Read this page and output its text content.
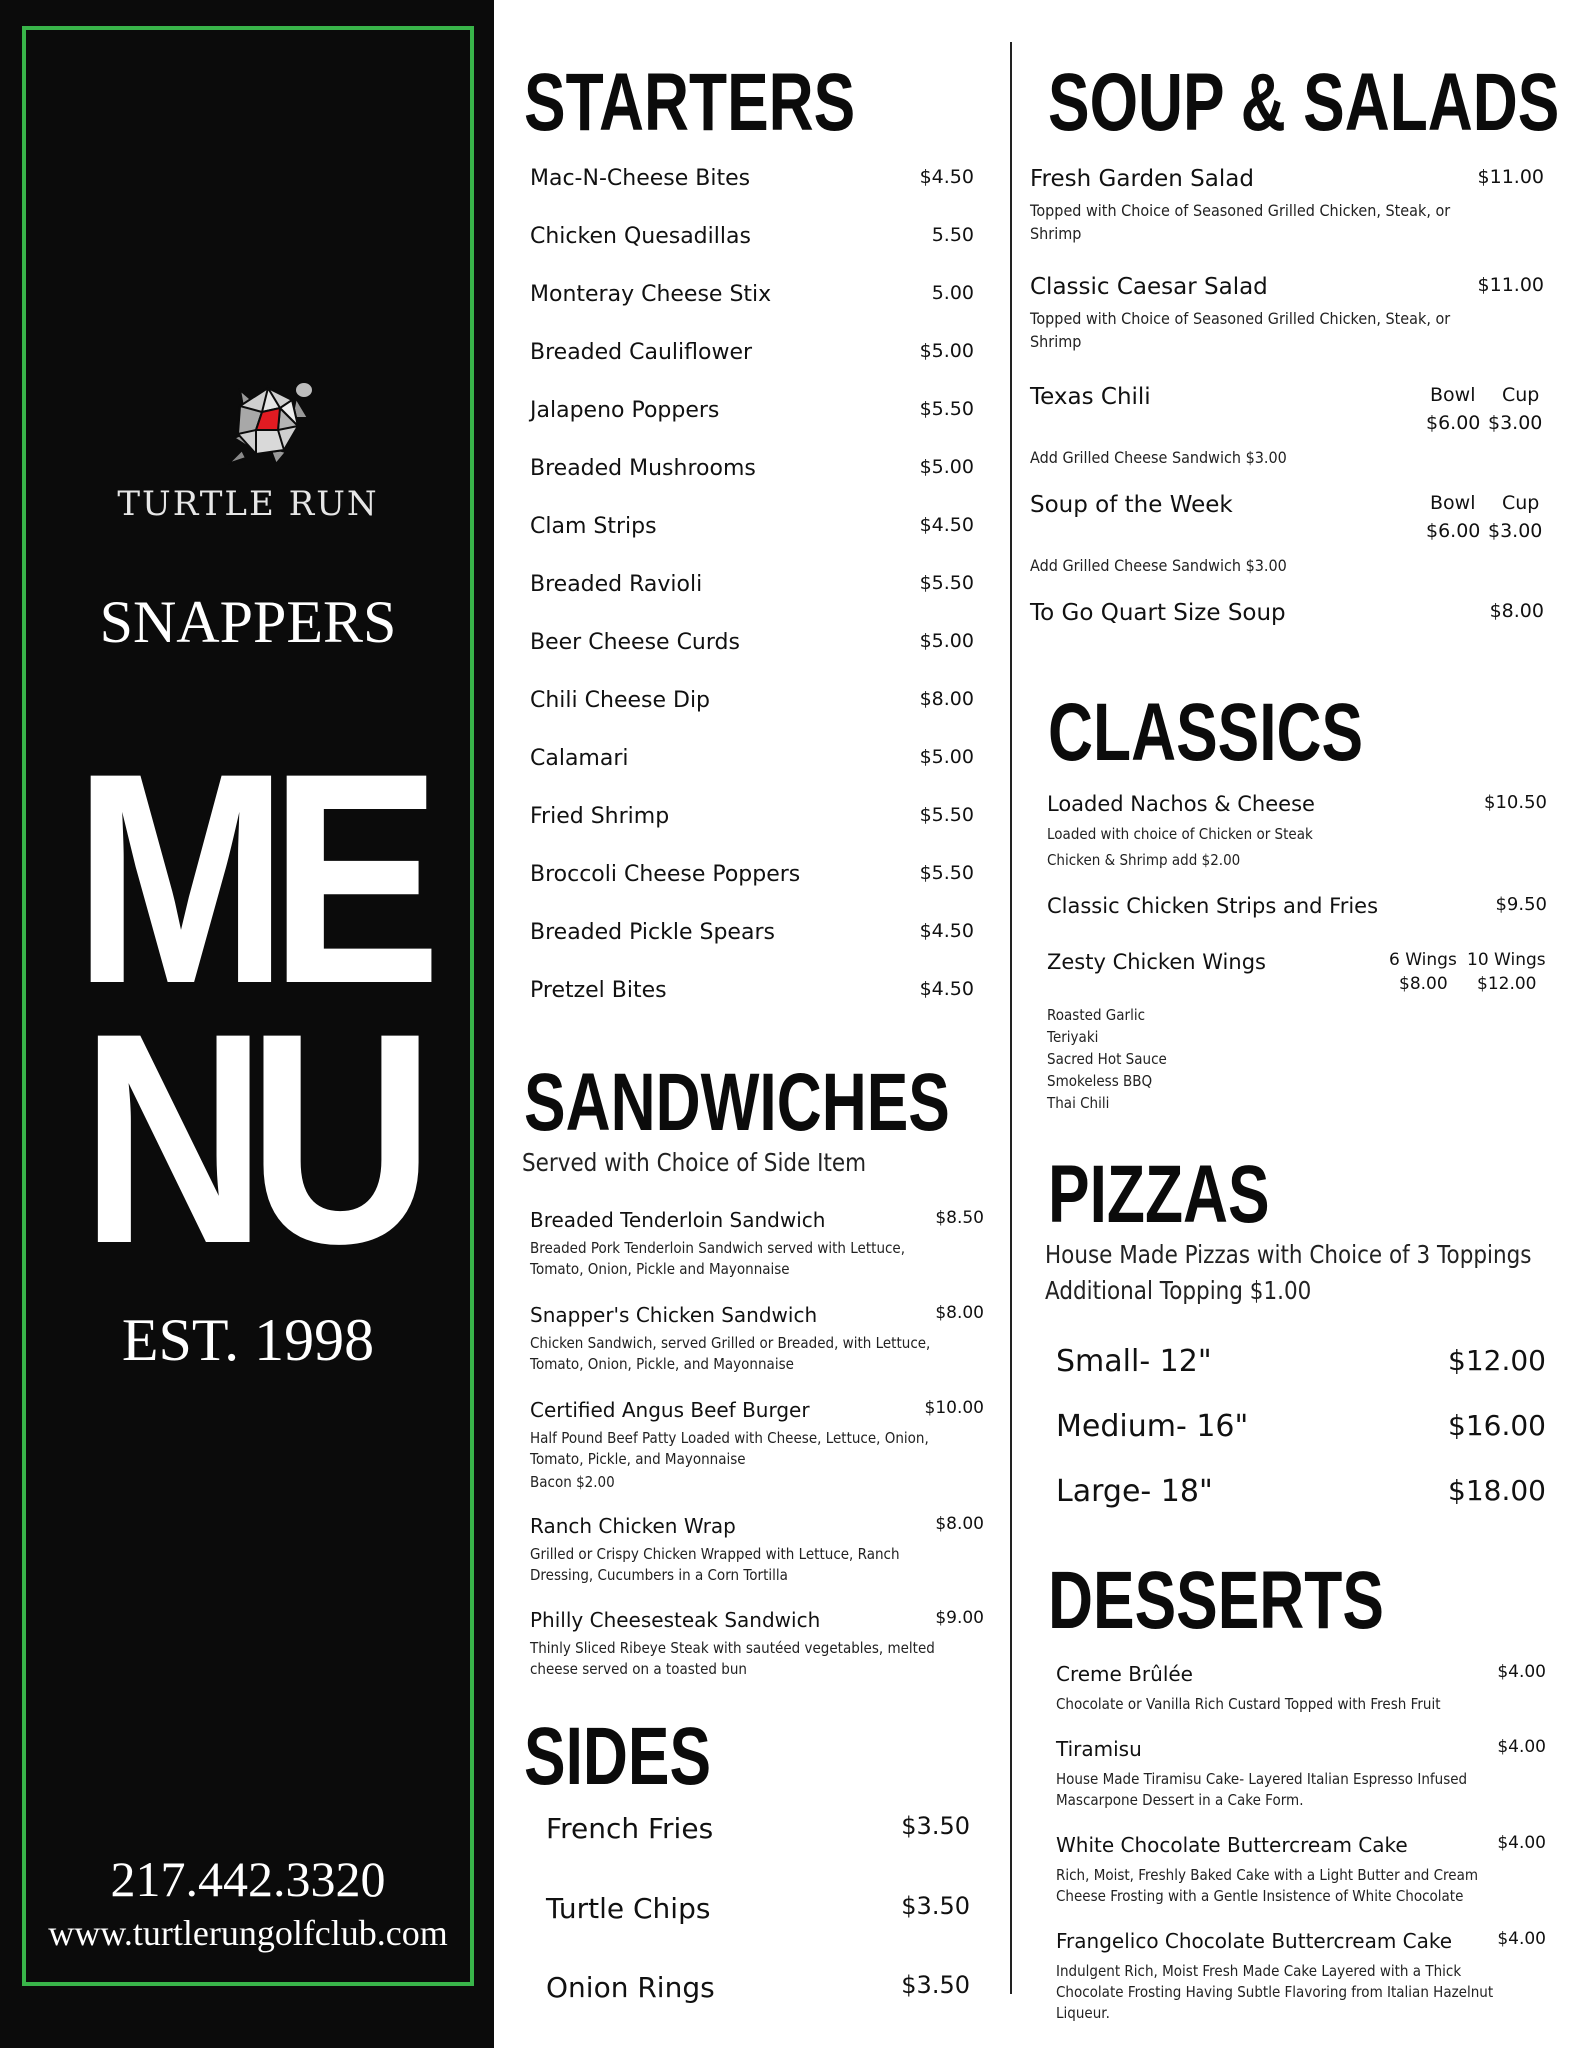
TURTLE RUN
SNAPPERS
ME
NU
EST. 1998
217.442.3320
www.turtlerungolfclub.com
STARTERS
Mac-N-Cheese Bites	$4.50
Chicken Quesadillas	5.50
Monteray Cheese Stix	5.00
Breaded Cauliflower	$5.00
Jalapeno Poppers	$5.50
Breaded Mushrooms	$5.00
Clam Strips	$4.50
Breaded Ravioli	$5.50
Beer Cheese Curds	$5.00
Chili Cheese Dip	$8.00
Calamari	$5.00
Fried Shrimp	$5.50
Broccoli Cheese Poppers	$5.50
Breaded Pickle Spears	$4.50
Pretzel Bites	$4.50
SANDWICHES
Served with Choice of Side Item
Breaded Tenderloin Sandwich	$8.50
Breaded Pork Tenderloin Sandwich served with Lettuce,
Tomato, Onion, Pickle and Mayonnaise
Snapper's Chicken Sandwich	$8.00
Chicken Sandwich, served Grilled or Breaded, with Lettuce,
Tomato, Onion, Pickle, and Mayonnaise
Certified Angus Beef Burger	$10.00
Half Pound Beef Patty Loaded with Cheese, Lettuce, Onion,
Tomato, Pickle, and Mayonnaise
Bacon $2.00
Ranch Chicken Wrap	$8.00
Grilled or Crispy Chicken Wrapped with Lettuce, Ranch
Dressing, Cucumbers in a Corn Tortilla
Philly Cheesesteak Sandwich	$9.00
Thinly Sliced Ribeye Steak with sautéed vegetables, melted
cheese served on a toasted bun
SIDES
French Fries	$3.50
Turtle Chips	$3.50
Onion Rings	$3.50
SOUP & SALADS
Fresh Garden Salad	$11.00
Topped with Choice of Seasoned Grilled Chicken, Steak, or
Shrimp
Classic Caesar Salad	$11.00
Topped with Choice of Seasoned Grilled Chicken, Steak, or
Shrimp
Texas Chili	Bowl Cup
$6.00 $3.00
Add Grilled Cheese Sandwich $3.00
Soup of the Week	Bowl Cup
$6.00 $3.00
Add Grilled Cheese Sandwich $3.00
To Go Quart Size Soup	$8.00
CLASSICS
Loaded Nachos & Cheese	$10.50
Loaded with choice of Chicken or Steak
Chicken & Shrimp add $2.00
Classic Chicken Strips and Fries	$9.50
Zesty Chicken Wings	6 Wings 10 Wings
$8.00 $12.00
Roasted Garlic
Teriyaki
Sacred Hot Sauce
Smokeless BBQ
Thai Chili
PIZZAS
House Made Pizzas with Choice of 3 Toppings
Additional Topping $1.00
Small- 12"	$12.00
Medium- 16"	$16.00
Large- 18"	$18.00
DESSERTS
Creme Brûlée	$4.00
Chocolate or Vanilla Rich Custard Topped with Fresh Fruit
Tiramisu	$4.00
House Made Tiramisu Cake- Layered Italian Espresso Infused
Mascarpone Dessert in a Cake Form.
White Chocolate Buttercream Cake	$4.00
Rich, Moist, Freshly Baked Cake with a Light Butter and Cream
Cheese Frosting with a Gentle Insistence of White Chocolate
Frangelico Chocolate Buttercream Cake	$4.00
Indulgent Rich, Moist Fresh Made Cake Layered with a Thick
Chocolate Frosting Having Subtle Flavoring from Italian Hazelnut
Liqueur.
